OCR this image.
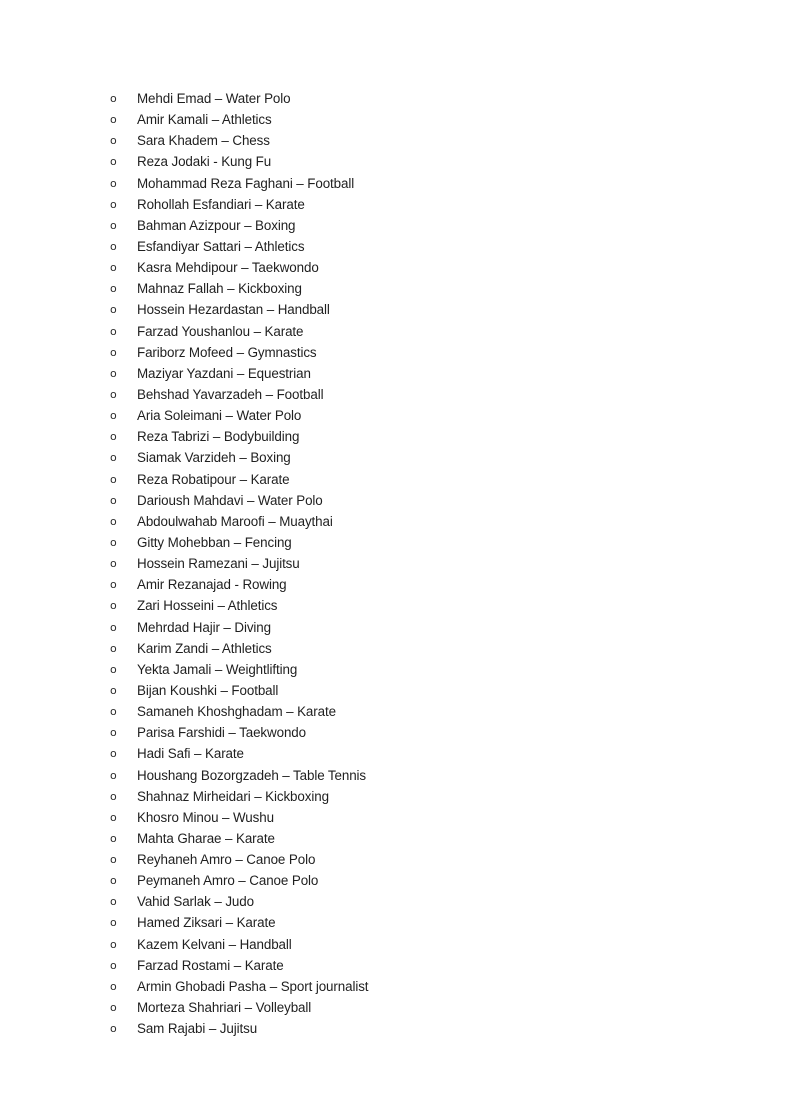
o	Mehdi Emad – Water Polo
o	Amir Kamali – Athletics
o	Sara Khadem – Chess
o	Reza Jodaki - Kung Fu
o	Mohammad Reza Faghani – Football
o	Rohollah Esfandiari – Karate
o	Bahman Azizpour – Boxing
o	Esfandiyar Sattari – Athletics
o	Kasra Mehdipour – Taekwondo
o	Mahnaz Fallah – Kickboxing
o	Hossein Hezardastan – Handball
o	Farzad Youshanlou – Karate
o	Fariborz Mofeed – Gymnastics
o	Maziyar Yazdani – Equestrian
o	Behshad Yavarzadeh – Football
o	Aria Soleimani – Water Polo
o	Reza Tabrizi – Bodybuilding
o	Siamak Varzideh – Boxing
o	Reza Robatipour – Karate
o	Darioush Mahdavi – Water Polo
o	Abdoulwahab Maroofi – Muaythai
o	Gitty Mohebban – Fencing
o	Hossein Ramezani – Jujitsu
o	Amir Rezanajad - Rowing
o	Zari Hosseini – Athletics
o	Mehrdad Hajir – Diving
o	Karim Zandi – Athletics
o	Yekta Jamali – Weightlifting
o	Bijan Koushki – Football
o	Samaneh Khoshghadam – Karate
o	Parisa Farshidi – Taekwondo
o	Hadi Safi – Karate
o	Houshang Bozorgzadeh – Table Tennis
o	Shahnaz Mirheidari – Kickboxing
o	Khosro Minou – Wushu
o	Mahta Gharae – Karate
o	Reyhaneh Amro – Canoe Polo
o	Peymaneh Amro – Canoe Polo
o	Vahid Sarlak – Judo
o	Hamed Ziksari – Karate
o	Kazem Kelvani – Handball
o	Farzad Rostami – Karate
o	Armin Ghobadi Pasha – Sport journalist
o	Morteza Shahriari – Volleyball
o	Sam Rajabi – Jujitsu
